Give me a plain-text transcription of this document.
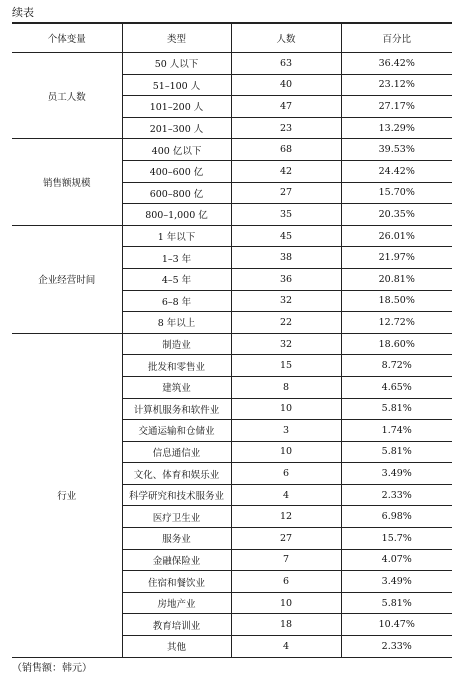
续表
个体变量	类型	人数	百分比
员工人数	50 人以下	63	36.42%
	51–100 人	40	23.12%
	101–200 人	47	27.17%
	201–300 人	23	13.29%
销售额规模	400 亿以下	68	39.53%
	400–600 亿	42	24.42%
	600–800 亿	27	15.70%
	800–1,000 亿	35	20.35%
企业经营时间	1 年以下	45	26.01%
	1–3 年	38	21.97%
	4–5 年	36	20.81%
	6–8 年	32	18.50%
	8 年以上	22	12.72%
行业	制造业	32	18.60%
	批发和零售业	15	8.72%
	建筑业	8	4.65%
	计算机服务和软件业	10	5.81%
	交通运输和仓储业	3	1.74%
	信息通信业	10	5.81%
	文化、体育和娱乐业	6	3.49%
	科学研究和技术服务业	4	2.33%
	医疗卫生业	12	6.98%
	服务业	27	15.7%
	金融保险业	7	4.07%
	住宿和餐饮业	6	3.49%
	房地产业	10	5.81%
	教育培训业	18	10.47%
	其他	4	2.33%
（销售额：韩元）
